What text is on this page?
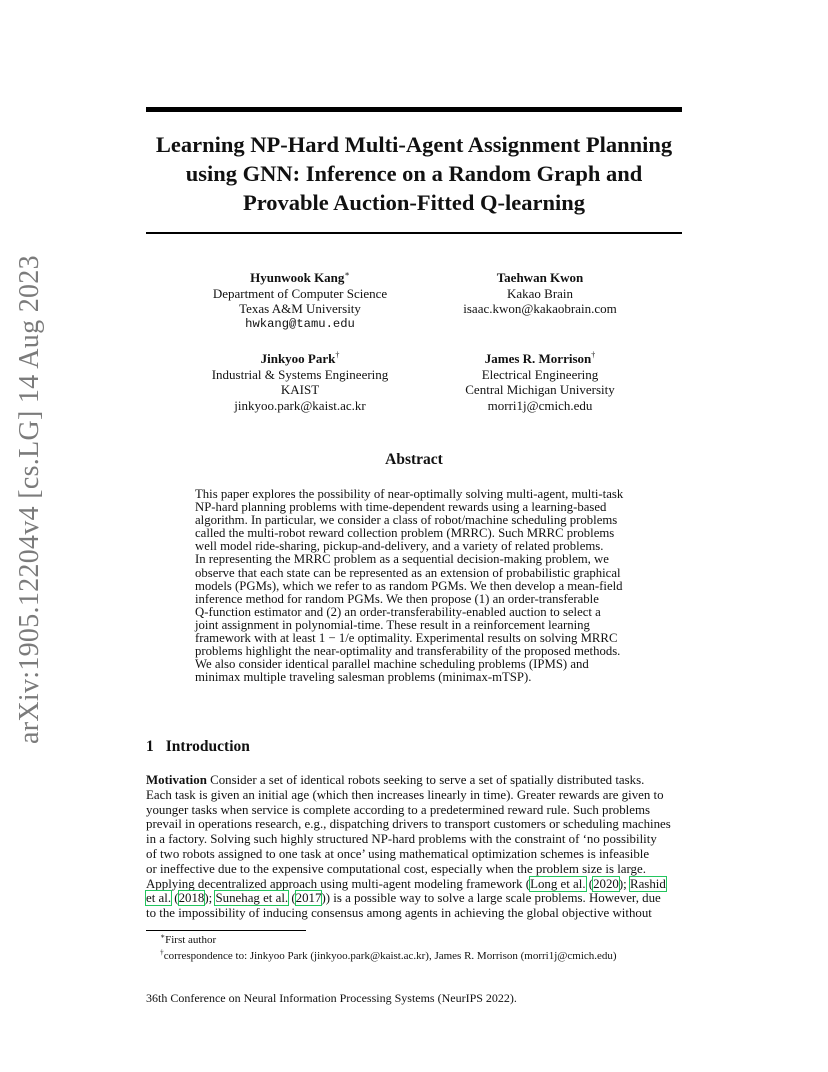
Learning NP-Hard Multi-Agent Assignment Planning
using GNN: Inference on a Random Graph and
Provable Auction-Fitted Q-learning
arXiv:1905.12204v4 [cs.LG] 14 Aug 2023	Hyunwook Kang∗
Department of Computer Science
Texas A&M University
hwkang@tamu.edu
Taehwan Kwon
Kakao Brain
isaac.kwon@kakaobrain.com
Jinkyoo Park†
Industrial & Systems Engineering
KAIST
jinkyoo.park@kaist.ac.kr
James R. Morrison†
Electrical Engineering
Central Michigan University
morri1j@cmich.edu
Abstract
This paper explores the possibility of near-optimally solving multi-agent, multi-task
NP-hard planning problems with time-dependent rewards using a learning-based
algorithm. In particular, we consider a class of robot/machine scheduling problems
called the multi-robot reward collection problem (MRRC). Such MRRC problems
well model ride-sharing, pickup-and-delivery, and a variety of related problems.
In representing the MRRC problem as a sequential decision-making problem, we
observe that each state can be represented as an extension of probabilistic graphical
models (PGMs), which we refer to as random PGMs. We then develop a mean-field
inference method for random PGMs. We then propose (1) an order-transferable
Q-function estimator and (2) an order-transferability-enabled auction to select a
joint assignment in polynomial-time. These result in a reinforcement learning
framework with at least 1 − 1/e optimality. Experimental results on solving MRRC
problems highlight the near-optimality and transferability of the proposed methods.
We also consider identical parallel machine scheduling problems (IPMS) and
minimax multiple traveling salesman problems (minimax-mTSP).
1 Introduction
Motivation Consider a set of identical robots seeking to serve a set of spatially distributed tasks.
Each task is given an initial age (which then increases linearly in time). Greater rewards are given to
younger tasks when service is complete according to a predetermined reward rule. Such problems
prevail in operations research, e.g., dispatching drivers to transport customers or scheduling machines
in a factory. Solving such highly structured NP-hard problems with the constraint of ‘no possibility
of two robots assigned to one task at once’ using mathematical optimization schemes is infeasible
or ineffective due to the expensive computational cost, especially when the problem size is large.
Applying decentralized approach using multi-agent modeling framework (Long et al. (2020); Rashid
et al. (2018); Sunehag et al. (2017)) is a possible way to solve a large scale problems. However, due
to the impossibility of inducing consensus among agents in achieving the global objective without
∗First author
†correspondence to: Jinkyoo Park (jinkyoo.park@kaist.ac.kr), James R. Morrison (morri1j@cmich.edu)
36th Conference on Neural Information Processing Systems (NeurIPS 2022).
